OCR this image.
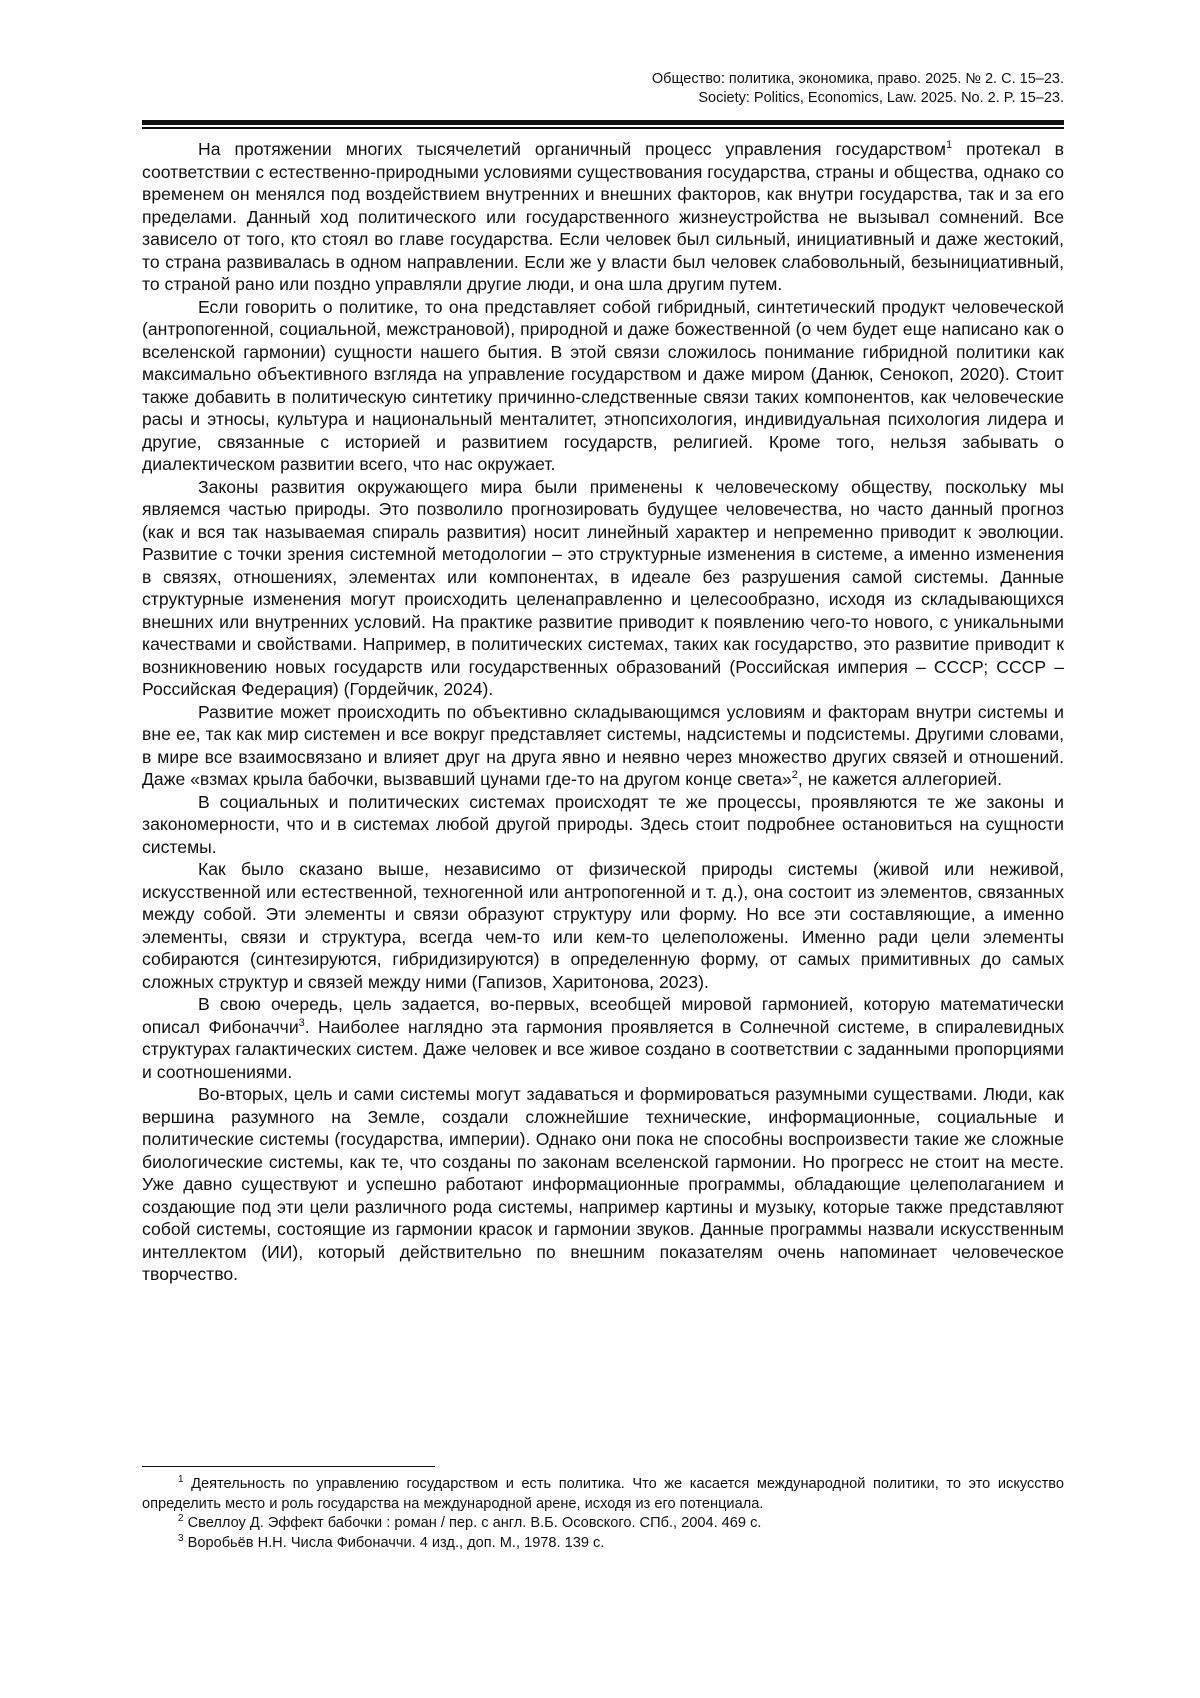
Общество: политика, экономика, право. 2025. № 2. С. 15–23.
Society: Politics, Economics, Law. 2025. No. 2. P. 15–23.

На протяжении многих тысячелетий органичный процесс управления государством$^1$ протекал в соответствии с естественно-природными условиями существования государства, страны и общества, однако со временем он менялся под воздействием внутренних и внешних факторов, как внутри государства, так и за его пределами. Данный ход политического или государственного жизнеустройства не вызывал сомнений. Все зависело от того, кто стоял во главе государства. Если человек был сильный, инициативный и даже жестокий, то страна развивалась в одном направлении. Если же у власти был человек слабовольный, безынициативный, то страной рано или поздно управляли другие люди, и она шла другим путем.

Если говорить о политике, то она представляет собой гибридный, синтетический продукт человеческой (антропогенной, социальной, межстрановой), природной и даже божественной (о чем будет еще написано как о вселенской гармонии) сущности нашего бытия. В этой связи сложилось понимание гибридной политики как максимально объективного взгляда на управление государством и даже миром (Данюк, Сенокоп, 2020). Стоит также добавить в политическую синтетику причинно-следственные связи таких компонентов, как человеческие расы и этносы, культура и национальный менталитет, этнопсихология, индивидуальная психология лидера и другие, связанные с историей и развитием государств, религией. Кроме того, нельзя забывать о диалектическом развитии всего, что нас окружает.

Законы развития окружающего мира были применены к человеческому обществу, поскольку мы являемся частью природы. Это позволило прогнозировать будущее человечества, но часто данный прогноз (как и вся так называемая спираль развития) носит линейный характер и непременно приводит к эволюции. Развитие с точки зрения системной методологии – это структурные изменения в системе, а именно изменения в связях, отношениях, элементах или компонентах, в идеале без разрушения самой системы. Данные структурные изменения могут происходить целенаправленно и целесообразно, исходя из складывающихся внешних или внутренних условий. На практике развитие приводит к появлению чего-то нового, с уникальными качествами и свойствами. Например, в политических системах, таких как государство, это развитие приводит к возникновению новых государств или государственных образований (Российская империя – СССР; СССР – Российская Федерация) (Гордейчик, 2024).

Развитие может происходить по объективно складывающимся условиям и факторам внутри системы и вне ее, так как мир системен и все вокруг представляет системы, надсистемы и подсистемы. Другими словами, в мире все взаимосвязано и влияет друг на друга явно и неявно через множество других связей и отношений. Даже «взмах крыла бабочки, вызвавший цунами где-то на другом конце света»$^2$, не кажется аллегорией.

В социальных и политических системах происходят те же процессы, проявляются те же законы и закономерности, что и в системах любой другой природы. Здесь стоит подробнее остановиться на сущности системы.

Как было сказано выше, независимо от физической природы системы (живой или неживой, искусственной или естественной, техногенной или антропогенной и т. д.), она состоит из элементов, связанных между собой. Эти элементы и связи образуют структуру или форму. Но все эти составляющие, а именно элементы, связи и структура, всегда чем-то или кем-то целеположены. Именно ради цели элементы собираются (синтезируются, гибридизируются) в определенную форму, от самых примитивных до самых сложных структур и связей между ними (Гапизов, Харитонова, 2023).

В свою очередь, цель задается, во-первых, всеобщей мировой гармонией, которую математически описал Фибоначчи$^3$. Наиболее наглядно эта гармония проявляется в Солнечной системе, в спиралевидных структурах галактических систем. Даже человек и все живое создано в соответствии с заданными пропорциями и соотношениями.

Во-вторых, цель и сами системы могут задаваться и формироваться разумными существами. Люди, как вершина разумного на Земле, создали сложнейшие технические, информационные, социальные и политические системы (государства, империи). Однако они пока не способны воспроизвести такие же сложные биологические системы, как те, что созданы по законам вселенской гармонии. Но прогресс не стоит на месте. Уже давно существуют и успешно работают информационные программы, обладающие целеполаганием и создающие под эти цели различного рода системы, например картины и музыку, которые также представляют собой системы, состоящие из гармонии красок и гармонии звуков. Данные программы назвали искусственным интеллектом (ИИ), который действительно по внешним показателям очень напоминает человеческое творчество.

$^1$ Деятельность по управлению государством и есть политика. Что же касается международной политики, то это искусство определить место и роль государства на международной арене, исходя из его потенциала.

$^2$ Свеллоу Д. Эффект бабочки : роман / пер. с англ. В.Б. Осовского. СПб., 2004. 469 с.

$^3$ Воробьёв Н.Н. Числа Фибоначчи. 4 изд., доп. М., 1978. 139 с.
